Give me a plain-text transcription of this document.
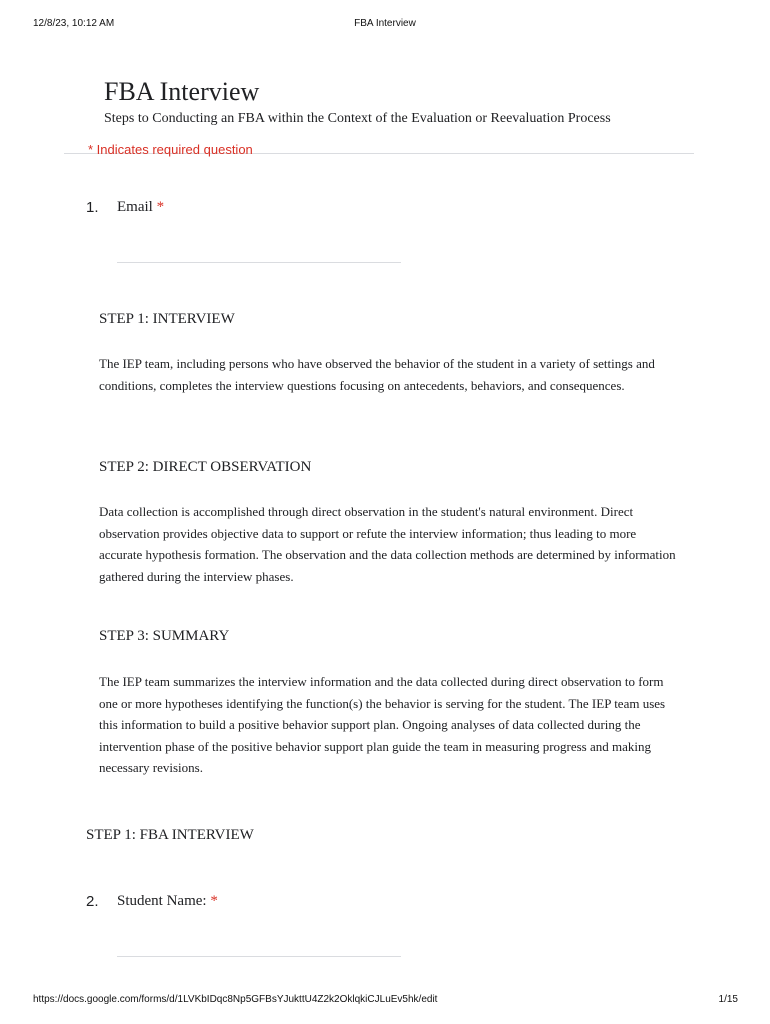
12/8/23, 10:12 AM	FBA Interview
FBA Interview
Steps to Conducting an FBA within the Context of the Evaluation or Reevaluation Process
* Indicates required question
1. Email *
STEP 1: INTERVIEW

The IEP team, including persons who have observed the behavior of the student in a variety of settings and conditions, completes the interview questions focusing on antecedents, behaviors, and consequences.

STEP 2: DIRECT OBSERVATION

Data collection is accomplished through direct observation in the student's natural environment. Direct observation provides objective data to support or refute the interview information; thus leading to more accurate hypothesis formation. The observation and the data collection methods are determined by information gathered during the interview phases.

STEP 3: SUMMARY

The IEP team summarizes the interview information and the data collected during direct observation to form one or more hypotheses identifying the function(s) the behavior is serving for the student. The IEP team uses this information to build a positive behavior support plan. Ongoing analyses of data collected during the intervention phase of the positive behavior support plan guide the team in measuring progress and making necessary revisions.

STEP 1: FBA INTERVIEW
2. Student Name: *
https://docs.google.com/forms/d/1LVKbIDqc8Np5GFBsYJukttU4Z2k2OklqkiCJLuEv5hk/edit	1/15
